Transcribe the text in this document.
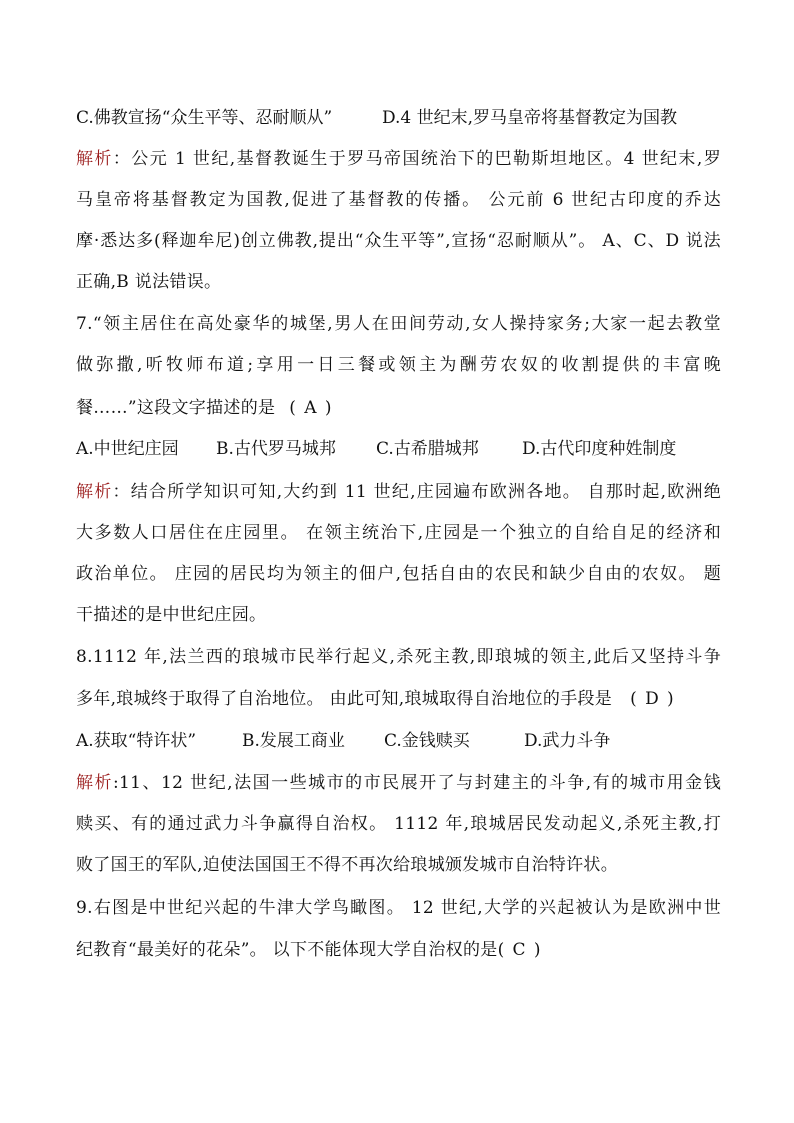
C.佛教宣扬“众生平等、忍耐顺从”	D.4 世纪末,罗马皇帝将基督教定为国教
解析：公元 1 世纪,基督教诞生于罗马帝国统治下的巴勒斯坦地区。4 世纪末,罗
马皇帝将基督教定为国教,促进了基督教的传播。 公元前 6 世纪古印度的乔达
摩·悉达多(释迦牟尼)创立佛教,提出“众生平等”,宣扬“忍耐顺从”。 A、C、D 说法
正确,B 说法错误。
7.“领主居住在高处豪华的城堡,男人在田间劳动,女人操持家务;大家一起去教堂
做弥撒,听牧师布道;享用一日三餐或领主为酬劳农奴的收割提供的丰富晚
餐……”这段文字描述的是 ( A )
A.中世纪庄园 B.古代罗马城邦 C.古希腊城邦	D.古代印度种姓制度
解析：结合所学知识可知,大约到 11 世纪,庄园遍布欧洲各地。 自那时起,欧洲绝
大多数人口居住在庄园里。 在领主统治下,庄园是一个独立的自给自足的经济和
政治单位。 庄园的居民均为领主的佃户,包括自由的农民和缺少自由的农奴。 题
干描述的是中世纪庄园。
8.1112 年,法兰西的琅城市民举行起义,杀死主教,即琅城的领主,此后又坚持斗争
多年,琅城终于取得了自治地位。 由此可知,琅城取得自治地位的手段是 ( D )
A.获取“特许状”	B.发展工商业 C.金钱赎买	D.武力斗争
解析:11、12 世纪,法国一些城市的市民展开了与封建主的斗争,有的城市用金钱
赎买、有的通过武力斗争赢得自治权。 1112 年,琅城居民发动起义,杀死主教,打
败了国王的军队,迫使法国国王不得不再次给琅城颁发城市自治特许状。
9.右图是中世纪兴起的牛津大学鸟瞰图。 12 世纪,大学的兴起被认为是欧洲中世
纪教育“最美好的花朵”。 以下不能体现大学自治权的是( C )
